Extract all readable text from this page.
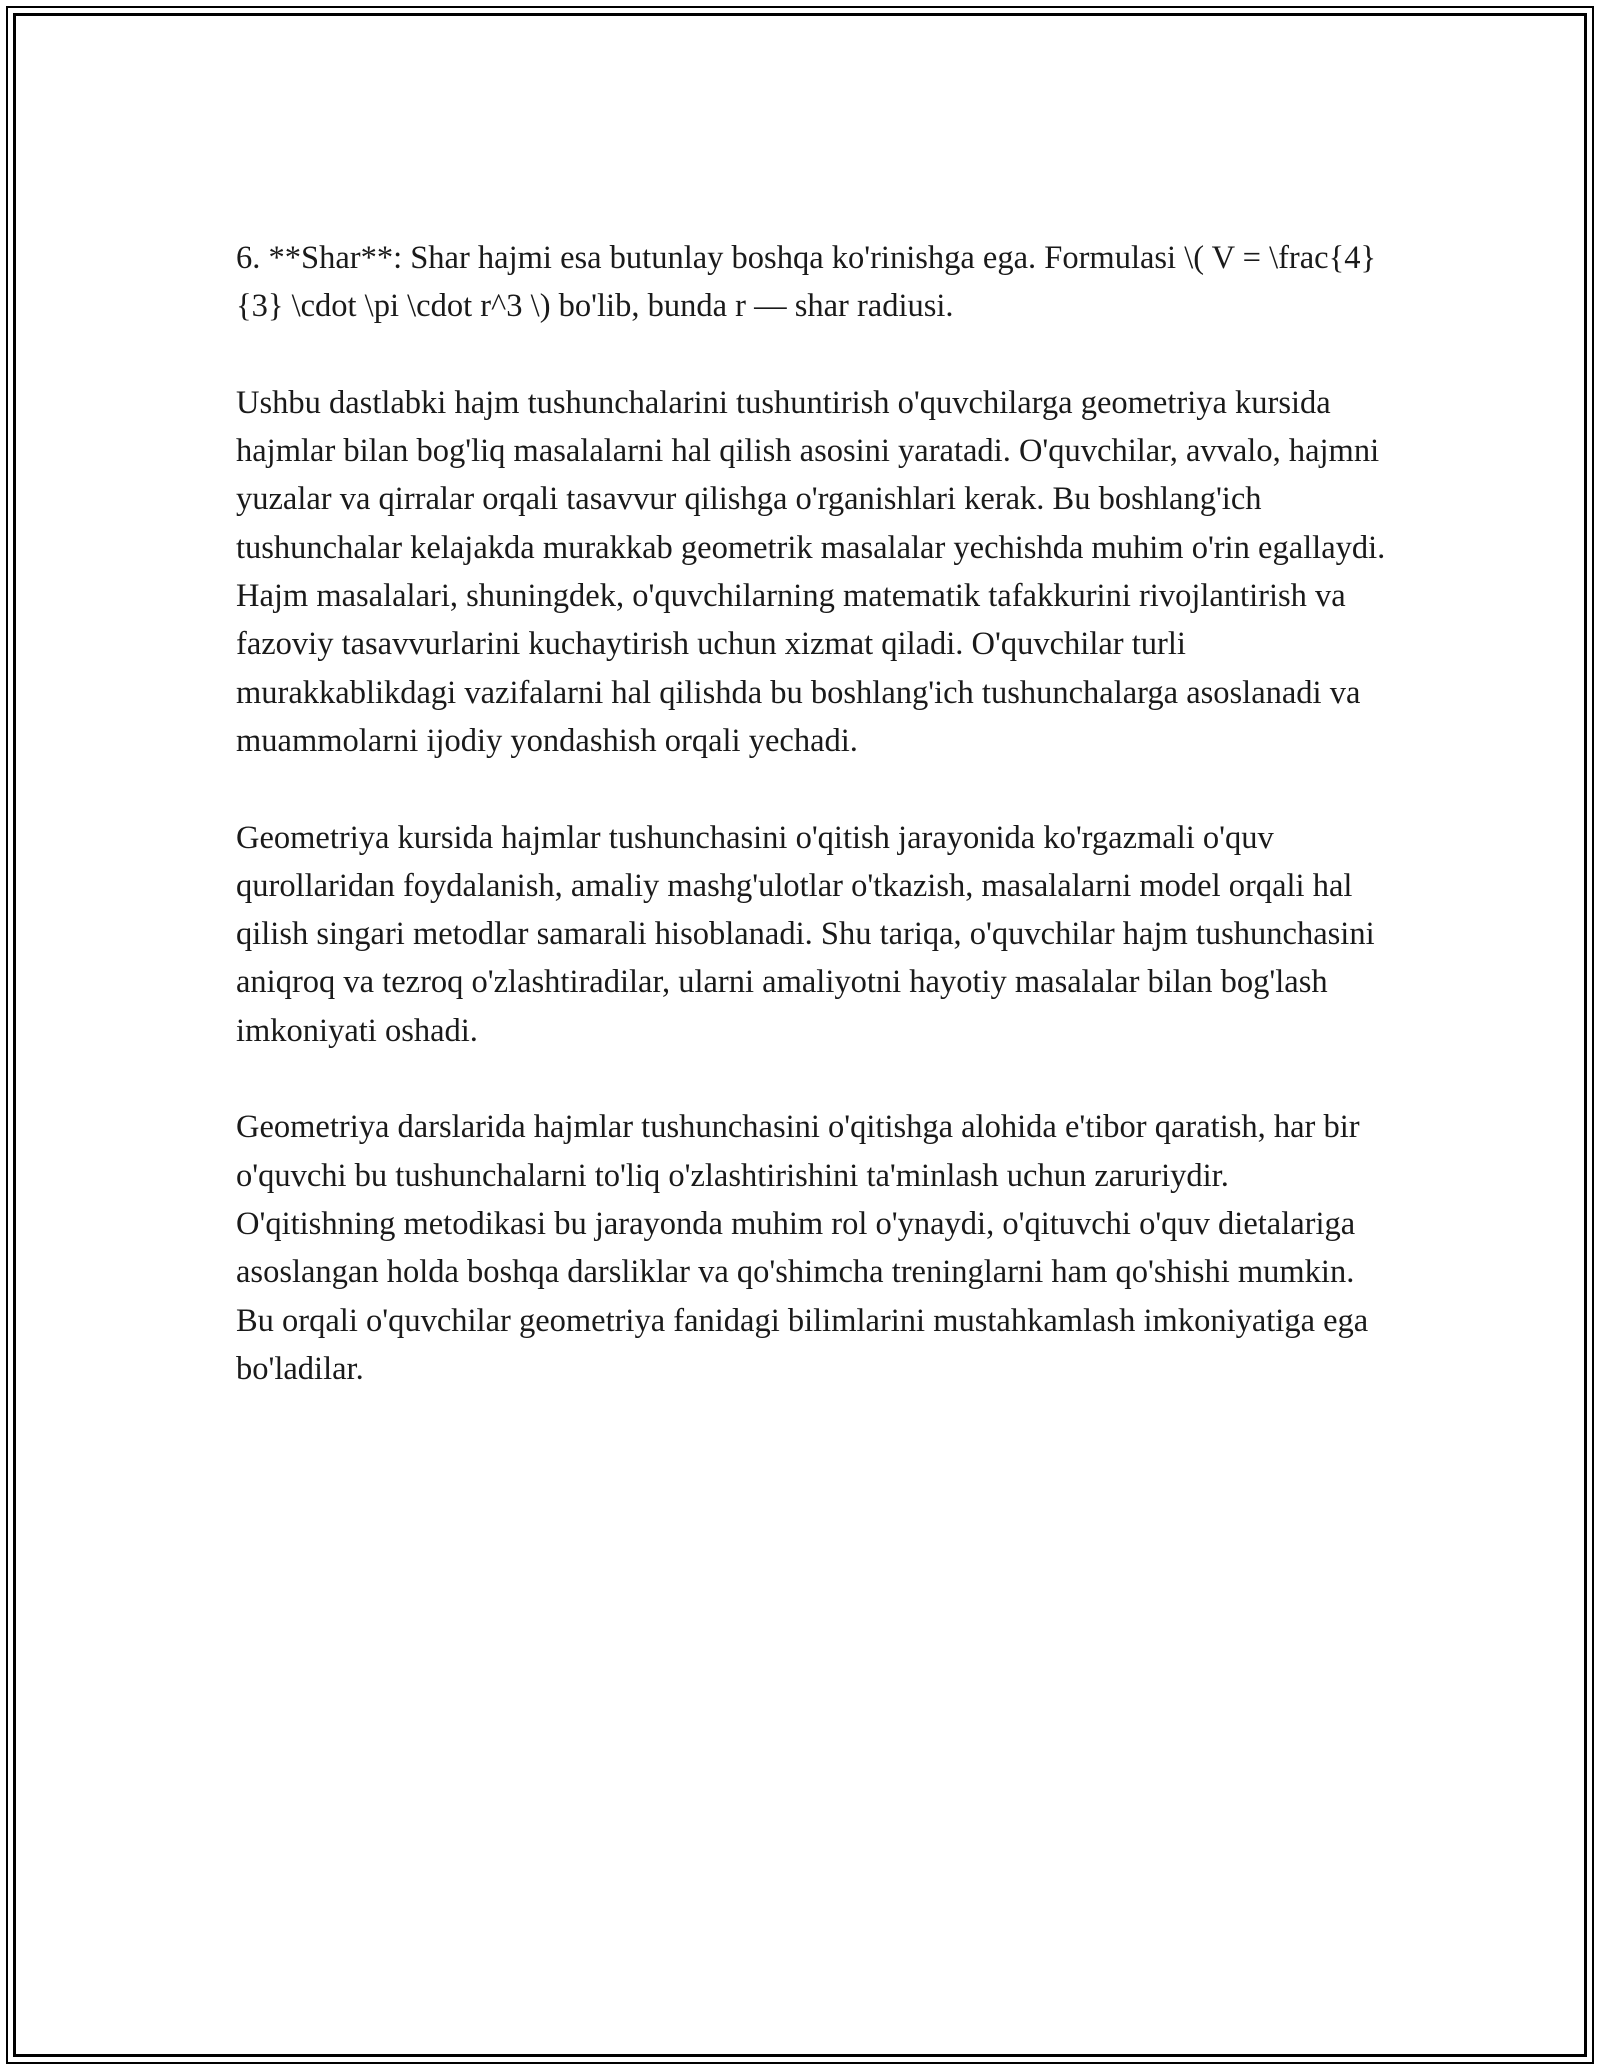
6. **Shar**: Shar hajmi esa butunlay boshqa ko'rinishga ega. Formulasi \( V = \frac{4}{3} \cdot \pi \cdot r^3 \) bo'lib, bunda r — shar radiusi.

Ushbu dastlabki hajm tushunchalarini tushuntirish o'quvchilarga geometriya kursida hajmlar bilan bog'liq masalalarni hal qilish asosini yaratadi. O'quvchilar, avvalo, hajmni yuzalar va qirralar orqali tasavvur qilishga o'rganishlari kerak. Bu boshlang'ich tushunchalar kelajakda murakkab geometrik masalalar yechishda muhim o'rin egallaydi. Hajm masalalari, shuningdek, o'quvchilarning matematik tafakkurini rivojlantirish va fazoviy tasavvurlarini kuchaytirish uchun xizmat qiladi. O'quvchilar turli murakkablikdagi vazifalarni hal qilishda bu boshlang'ich tushunchalarga asoslanadi va muammolarni ijodiy yondashish orqali yechadi.

Geometriya kursida hajmlar tushunchasini o'qitish jarayonida ko'rgazmali o'quv qurollaridan foydalanish, amaliy mashg'ulotlar o'tkazish, masalalarni model orqali hal qilish singari metodlar samarali hisoblanadi. Shu tariqa, o'quvchilar hajm tushunchasini aniqroq va tezroq o'zlashtiradilar, ularni amaliyotni hayotiy masalalar bilan bog'lash imkoniyati oshadi.

Geometriya darslarida hajmlar tushunchasini o'qitishga alohida e'tibor qaratish, har bir o'quvchi bu tushunchalarni to'liq o'zlashtirishini ta'minlash uchun zaruriydir. O'qitishning metodikasi bu jarayonda muhim rol o'ynaydi, o'qituvchi o'quv dietalariga asoslangan holda boshqa darsliklar va qo'shimcha treninglarni ham qo'shishi mumkin. Bu orqali o'quvchilar geometriya fanidagi bilimlarini mustahkamlash imkoniyatiga ega bo'ladilar.
